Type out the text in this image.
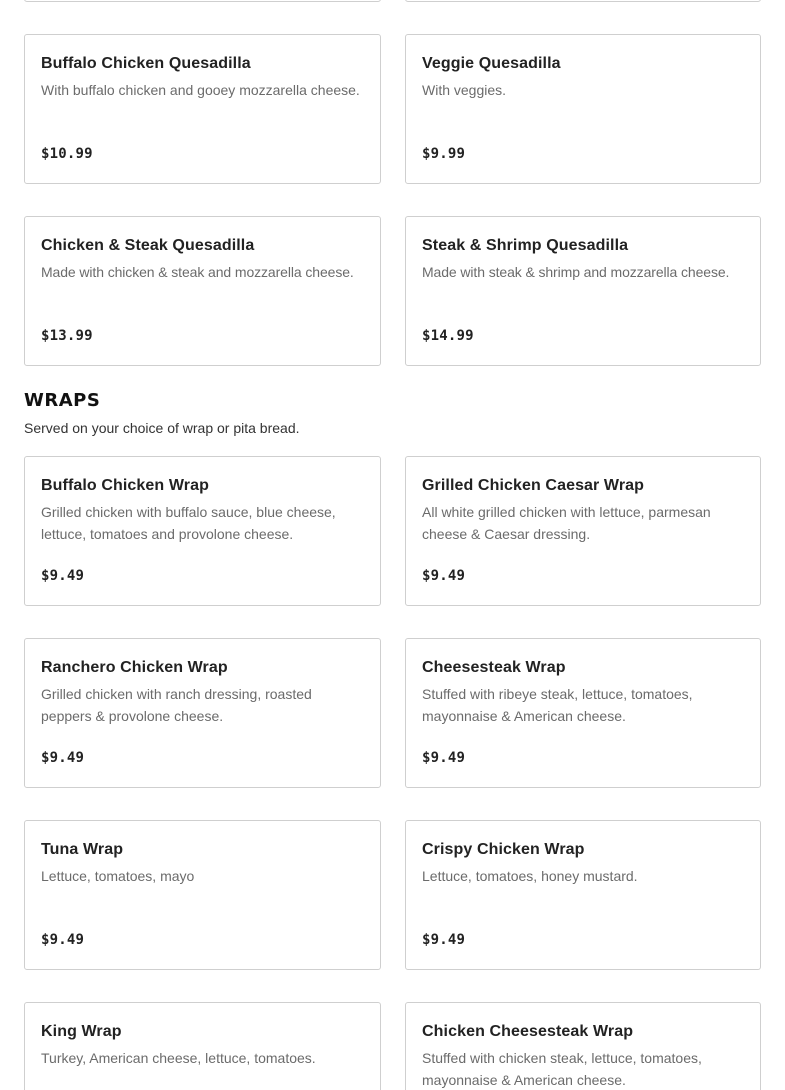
Buffalo Chicken Quesadilla
With buffalo chicken and gooey mozzarella cheese.
$10.99
Veggie Quesadilla
With veggies.
$9.99
Chicken & Steak Quesadilla
Made with chicken & steak and mozzarella cheese.
$13.99
Steak & Shrimp Quesadilla
Made with steak & shrimp and mozzarella cheese.
$14.99
WRAPS
Served on your choice of wrap or pita bread.
Buffalo Chicken Wrap
Grilled chicken with buffalo sauce, blue cheese, lettuce, tomatoes and provolone cheese.
$9.49
Grilled Chicken Caesar Wrap
All white grilled chicken with lettuce, parmesan cheese & Caesar dressing.
$9.49
Ranchero Chicken Wrap
Grilled chicken with ranch dressing, roasted peppers & provolone cheese.
$9.49
Cheesesteak Wrap
Stuffed with ribeye steak, lettuce, tomatoes, mayonnaise & American cheese.
$9.49
Tuna Wrap
Lettuce, tomatoes, mayo
$9.49
Crispy Chicken Wrap
Lettuce, tomatoes, honey mustard.
$9.49
King Wrap
Turkey, American cheese, lettuce, tomatoes.
Chicken Cheesesteak Wrap
Stuffed with chicken steak, lettuce, tomatoes, mayonnaise & American cheese.
